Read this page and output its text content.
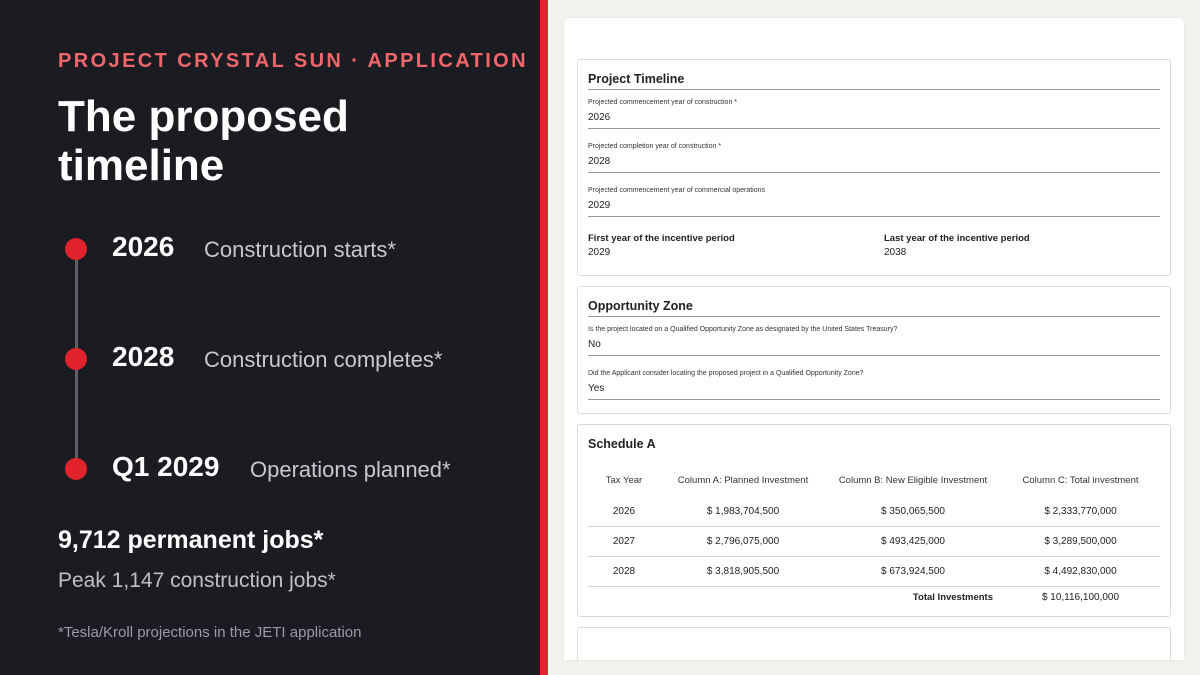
PROJECT CRYSTAL SUN · APPLICATION
The proposed timeline
2026 Construction starts*
2028 Construction completes*
Q1 2029 Operations planned*
9,712 permanent jobs*
Peak 1,147 construction jobs*
*Tesla/Kroll projections in the JETI application
Project Timeline
Projected commencement year of construction *
2026
Projected completion year of construction *
2028
Projected commencement year of commercial operations
2029
First year of the incentive period
2029
Last year of the incentive period
2038
Opportunity Zone
Is the project located on a Qualified Opportunity Zone as designated by the United States Treasury?
No
Did the Applicant consider locating the proposed project in a Qualified Opportunity Zone?
Yes
Schedule A
Tax Year	Column A: Planned Investment	Column B: New Eligible Investment	Column C: Total investment
2026	$ 1,983,704,500	$ 350,065,500	$ 2,333,770,000
2027	$ 2,796,075,000	$ 493,425,000	$ 3,289,500,000
2028	$ 3,818,905,500	$ 673,924,500	$ 4,492,830,000
Total Investments	$ 10,116,100,000
